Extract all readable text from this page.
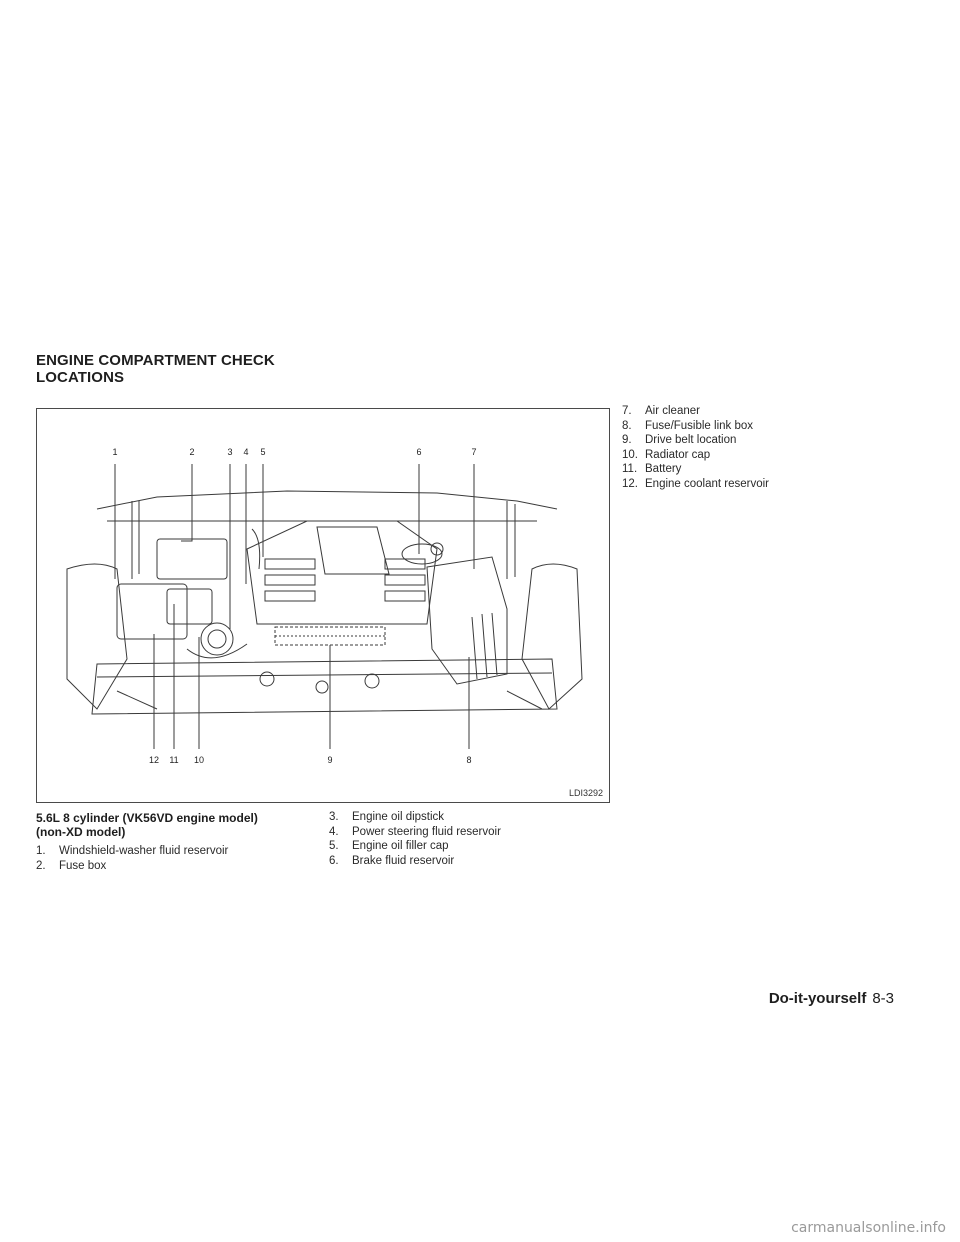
ENGINE COMPARTMENT CHECK
LOCATIONS
1	2	3 4 5	6	7
12 11 10	9	8
LDI3292
5.6L 8 cylinder (VK56VD engine model)
(non-XD model)
1.	Windshield-washer fluid reservoir
2.	Fuse box
3.	Engine oil dipstick
4.	Power steering fluid reservoir
5.	Engine oil filler cap
6.	Brake fluid reservoir
7.	Air cleaner
8.	Fuse/Fusible link box
9.	Drive belt location
10. Radiator cap
11. Battery
12. Engine coolant reservoir
Do-it-yourself 8-3
carmanualsonline.info
